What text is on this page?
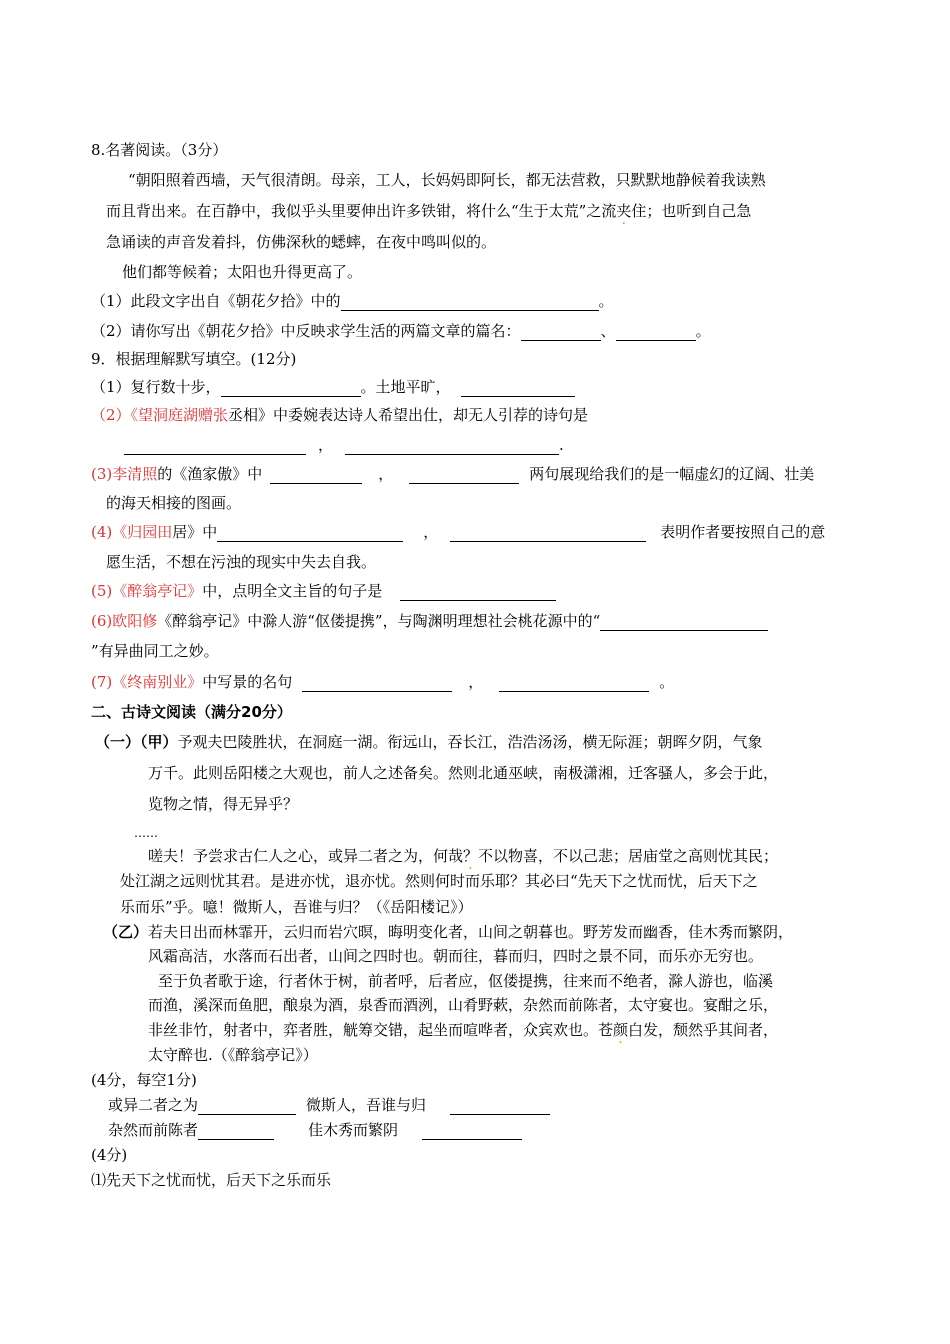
8.名著阅读。（3分）
“朝阳照着西墙，天气很清朗。母亲，工人，长妈妈即阿长，都无法营救，只默默地静候着我读熟
而且背出来。在百静中，我似乎头里要伸出许多铁钳，将什么“生于太荒”之流夹住；也听到自己急
急诵读的声音发着抖，仿佛深秋的蟋蟀，在夜中鸣叫似的。
他们都等候着；太阳也升得更高了。
（1）此段文字出自《朝花夕拾》中的	。
（2）请你写出《朝花夕拾》中反映求学生活的两篇文章的篇名：	、	。
9．根据理解默写填空。(12分)
（1）复行数十步，	。土地平旷，
（2）《望洞庭湖赠张丞相》中委婉表达诗人希望出仕，却无人引荐的诗句是
，	.
(3)李清照的《渔家傲》中	，	两句展现给我们的是一幅虚幻的辽阔、壮美
的海天相接的图画。
(4)《归园田居》中	，	表明作者要按照自己的意
愿生活，不想在污浊的现实中失去自我。
(5)《醉翁亭记》中，点明全文主旨的句子是
(6)欧阳修《醉翁亭记》中滁人游“伛偻提携”，与陶渊明理想社会桃花源中的“
”有异曲同工之妙。
(7)《终南别业》中写景的名句	，	。
二、古诗文阅读（满分20分）
（一）（甲）予观夫巴陵胜状，在洞庭一湖。衔远山，吞长江，浩浩汤汤，横无际涯；朝晖夕阴，气象
万千。此则岳阳楼之大观也，前人之述备矣。然则北通巫峡，南极潇湘，迁客骚人，多会于此，
览物之情，得无异乎？
……
嗟夫！予尝求古仁人之心，或异二者之为，何哉？ ·不以物喜，不以己悲；居庙堂之高则忧其民；
处江湖之远则忧其君。是进亦忧，退亦忧。然则何时而乐耶？其必曰“先天下之忧而忧，后天下之
乐而乐”乎。噫！微斯人，吾谁与归？（《岳阳楼记》）
（乙）若夫日出而林霏开，云归而岩穴暝，晦明变化者，山间之朝暮也。野芳发而幽香，佳木秀而繁阴，
风霜高洁，水落而石出者，山间之四时也。朝而往，暮而归，四时之景不同，而乐亦无穷也。
至于负者歌于途，行者休于树，前者呼，后者应，伛偻提携，往来而不绝者，滁人游也，临溪
而渔，溪深而鱼肥，酿泉为酒，泉香而酒洌，山肴野蔌，杂然而前陈者，太守宴也。宴酣之乐，
非丝非竹，射者中，弈者胜，觥筹交错，起坐而喧哗者，众宾欢也。苍颜白发，颓然乎其间者，
太守醉也.（《醉翁亭记》）
(4分，每空1分)
或异二者之为	微斯人，吾谁与归
杂然而前陈者	佳木秀而繁阴
(4分)
⑴先天下之忧而忧，后天下之乐而乐
